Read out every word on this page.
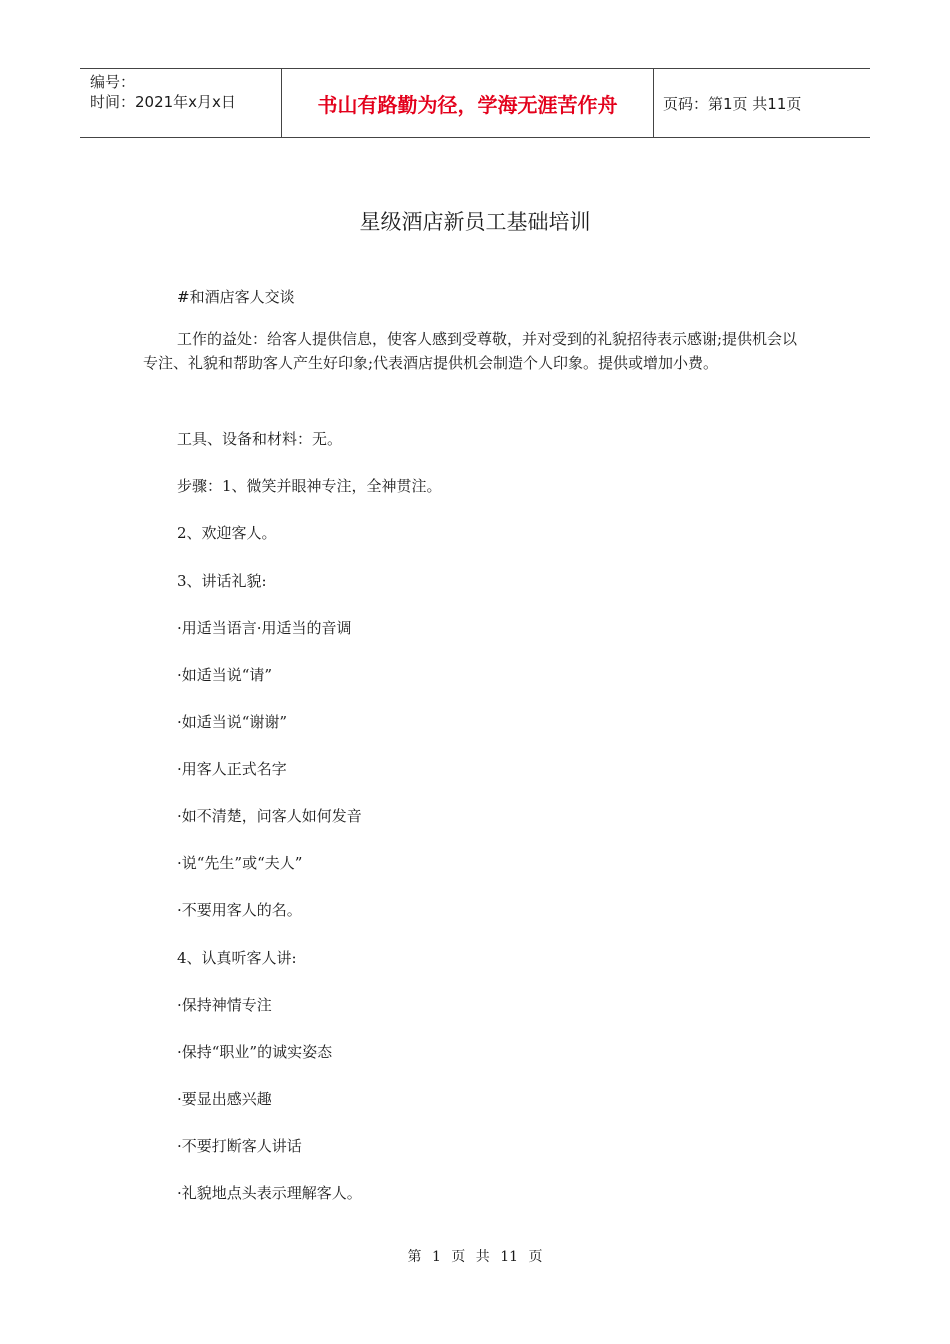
编号：
时间：2021年x月x日	书山有路勤为径，学海无涯苦作舟	页码：第1页 共11页
星级酒店新员工基础培训

#和酒店客人交谈

工作的益处：给客人提供信息，使客人感到受尊敬，并对受到的礼貌招待表示感谢;提供机会以专注、礼貌和帮助客人产生好印象;代表酒店提供机会制造个人印象。提供或增加小费。

工具、设备和材料：无。
步骤：1、微笑并眼神专注，全神贯注。
2、欢迎客人。
3、讲话礼貌:
·用适当语言·用适当的音调
·如适当说“请”
·如适当说“谢谢”
·用客人正式名字
·如不清楚，问客人如何发音
·说“先生”或“夫人”
·不要用客人的名。
4、认真听客人讲:
·保持神情专注
·保持“职业”的诚实姿态
·要显出感兴趣
·不要打断客人讲话
·礼貌地点头表示理解客人。
第 1 页 共 11 页
